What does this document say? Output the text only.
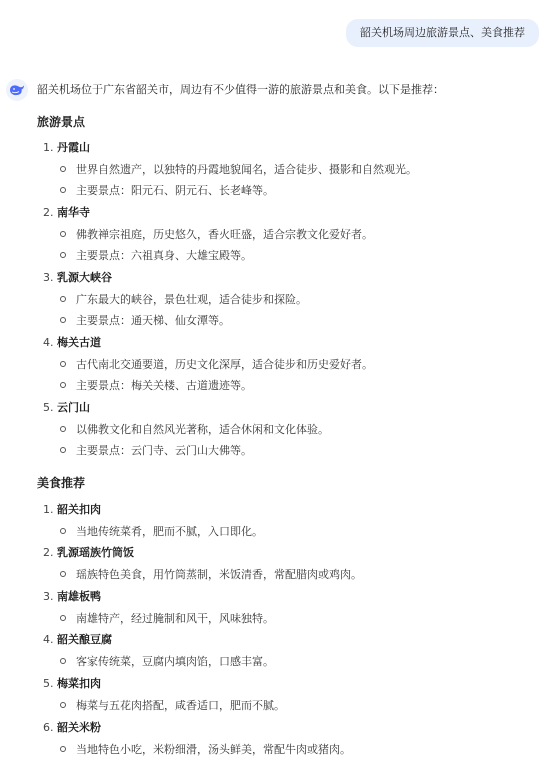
韶关机场周边旅游景点、美食推荐

韶关机场位于广东省韶关市，周边有不少值得一游的旅游景点和美食。以下是推荐：

旅游景点
1. 丹霞山
世界自然遗产，以独特的丹霞地貌闻名，适合徒步、摄影和自然观光。
主要景点：阳元石、阴元石、长老峰等。
2. 南华寺
佛教禅宗祖庭，历史悠久，香火旺盛，适合宗教文化爱好者。
主要景点：六祖真身、大雄宝殿等。
3. 乳源大峡谷
广东最大的峡谷，景色壮观，适合徒步和探险。
主要景点：通天梯、仙女潭等。
4. 梅关古道
古代南北交通要道，历史文化深厚，适合徒步和历史爱好者。
主要景点：梅关关楼、古道遗迹等。
5. 云门山
以佛教文化和自然风光著称，适合休闲和文化体验。
主要景点：云门寺、云门山大佛等。
美食推荐
1. 韶关扣肉
当地传统菜肴，肥而不腻，入口即化。
2. 乳源瑶族竹筒饭
瑶族特色美食，用竹筒蒸制，米饭清香，常配腊肉或鸡肉。
3. 南雄板鸭
南雄特产，经过腌制和风干，风味独特。
4. 韶关酿豆腐
客家传统菜，豆腐内填肉馅，口感丰富。
5. 梅菜扣肉
梅菜与五花肉搭配，咸香适口，肥而不腻。
6. 韶关米粉
当地特色小吃，米粉细滑，汤头鲜美，常配牛肉或猪肉。
